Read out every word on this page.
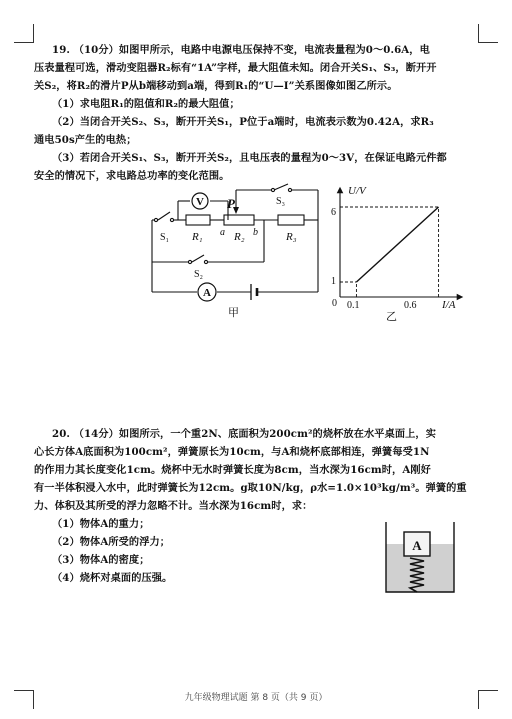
19. （10分）如图甲所示，电路中电源电压保持不变，电流表量程为0～0.6A，电
压表量程可选，滑动变阻器R₂标有“1A”字样，最大阻值未知。闭合开关S₁、S₃，断开开
关S₂，将R₂的滑片P从b端移动到a端，得到R₁的“U—I”关系图像如图乙所示。
（1）求电阻R₁的阻值和R₂的最大阻值；
（2）当闭合开关S₂、S₃，断开开关S₁，P位于a端时，电流表示数为0.42A，求R₃
通电50s产生的电热；
（3）若闭合开关S₁、S₃，断开开关S₂，且电压表的量程为0～3V，在保证电路元件都
安全的情况下，求电路总功率的变化范围。
V
A
P
a	b
R₁	R₂	R₃
S₁
S₂
S₃
甲
U/V
I/A
0 0.1	0.6
1
6
乙
20. （14分）如图所示，一个重2N、底面积为200cm²的烧杯放在水平桌面上，实
心长方体A底面积为100cm²，弹簧原长为10cm，与A和烧杯底部相连，弹簧每受1N
的作用力其长度变化1cm。烧杯中无水时弹簧长度为8cm，当水深为16cm时，A刚好
有一半体积浸入水中，此时弹簧长为12cm。g取10N/kg，ρ水=1.0×10³kg/m³。弹簧的重
力、体积及其所受的浮力忽略不计。当水深为16cm时，求：
（1）物体A的重力；
（2）物体A所受的浮力；
（3）物体A的密度；
（4）烧杯对桌面的压强。
A
九年级物理试题 第 8 页（共 9 页）
